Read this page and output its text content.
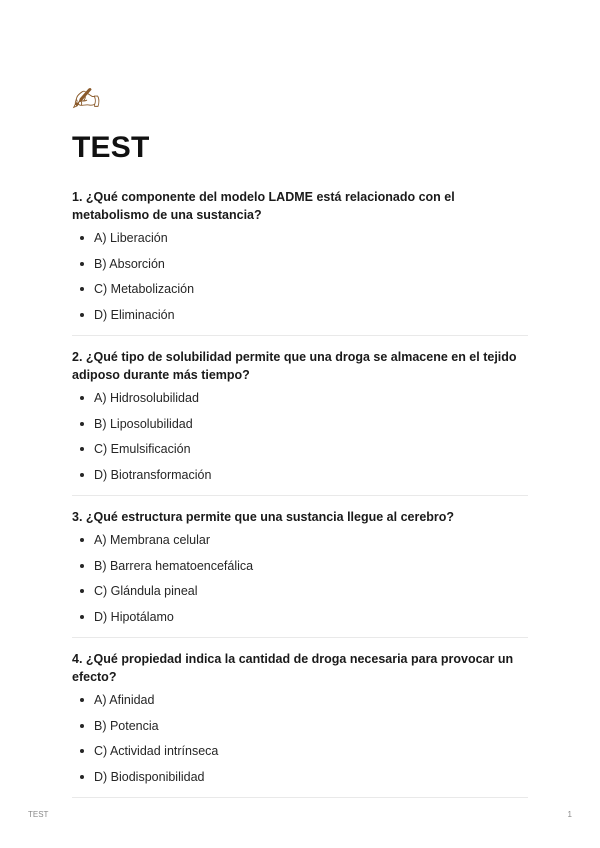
✍
TEST
1. ¿Qué componente del modelo LADME está relacionado con el metabolismo de una sustancia?
A) Liberación
B) Absorción
C) Metabolización
D) Eliminación
2. ¿Qué tipo de solubilidad permite que una droga se almacene en el tejido adiposo durante más tiempo?
A) Hidrosolubilidad
B) Liposolubilidad
C) Emulsificación
D) Biotransformación
3. ¿Qué estructura permite que una sustancia llegue al cerebro?
A) Membrana celular
B) Barrera hematoencefálica
C) Glándula pineal
D) Hipotálamo
4. ¿Qué propiedad indica la cantidad de droga necesaria para provocar un efecto?
A) Afinidad
B) Potencia
C) Actividad intrínseca
D) Biodisponibilidad
TEST	1
